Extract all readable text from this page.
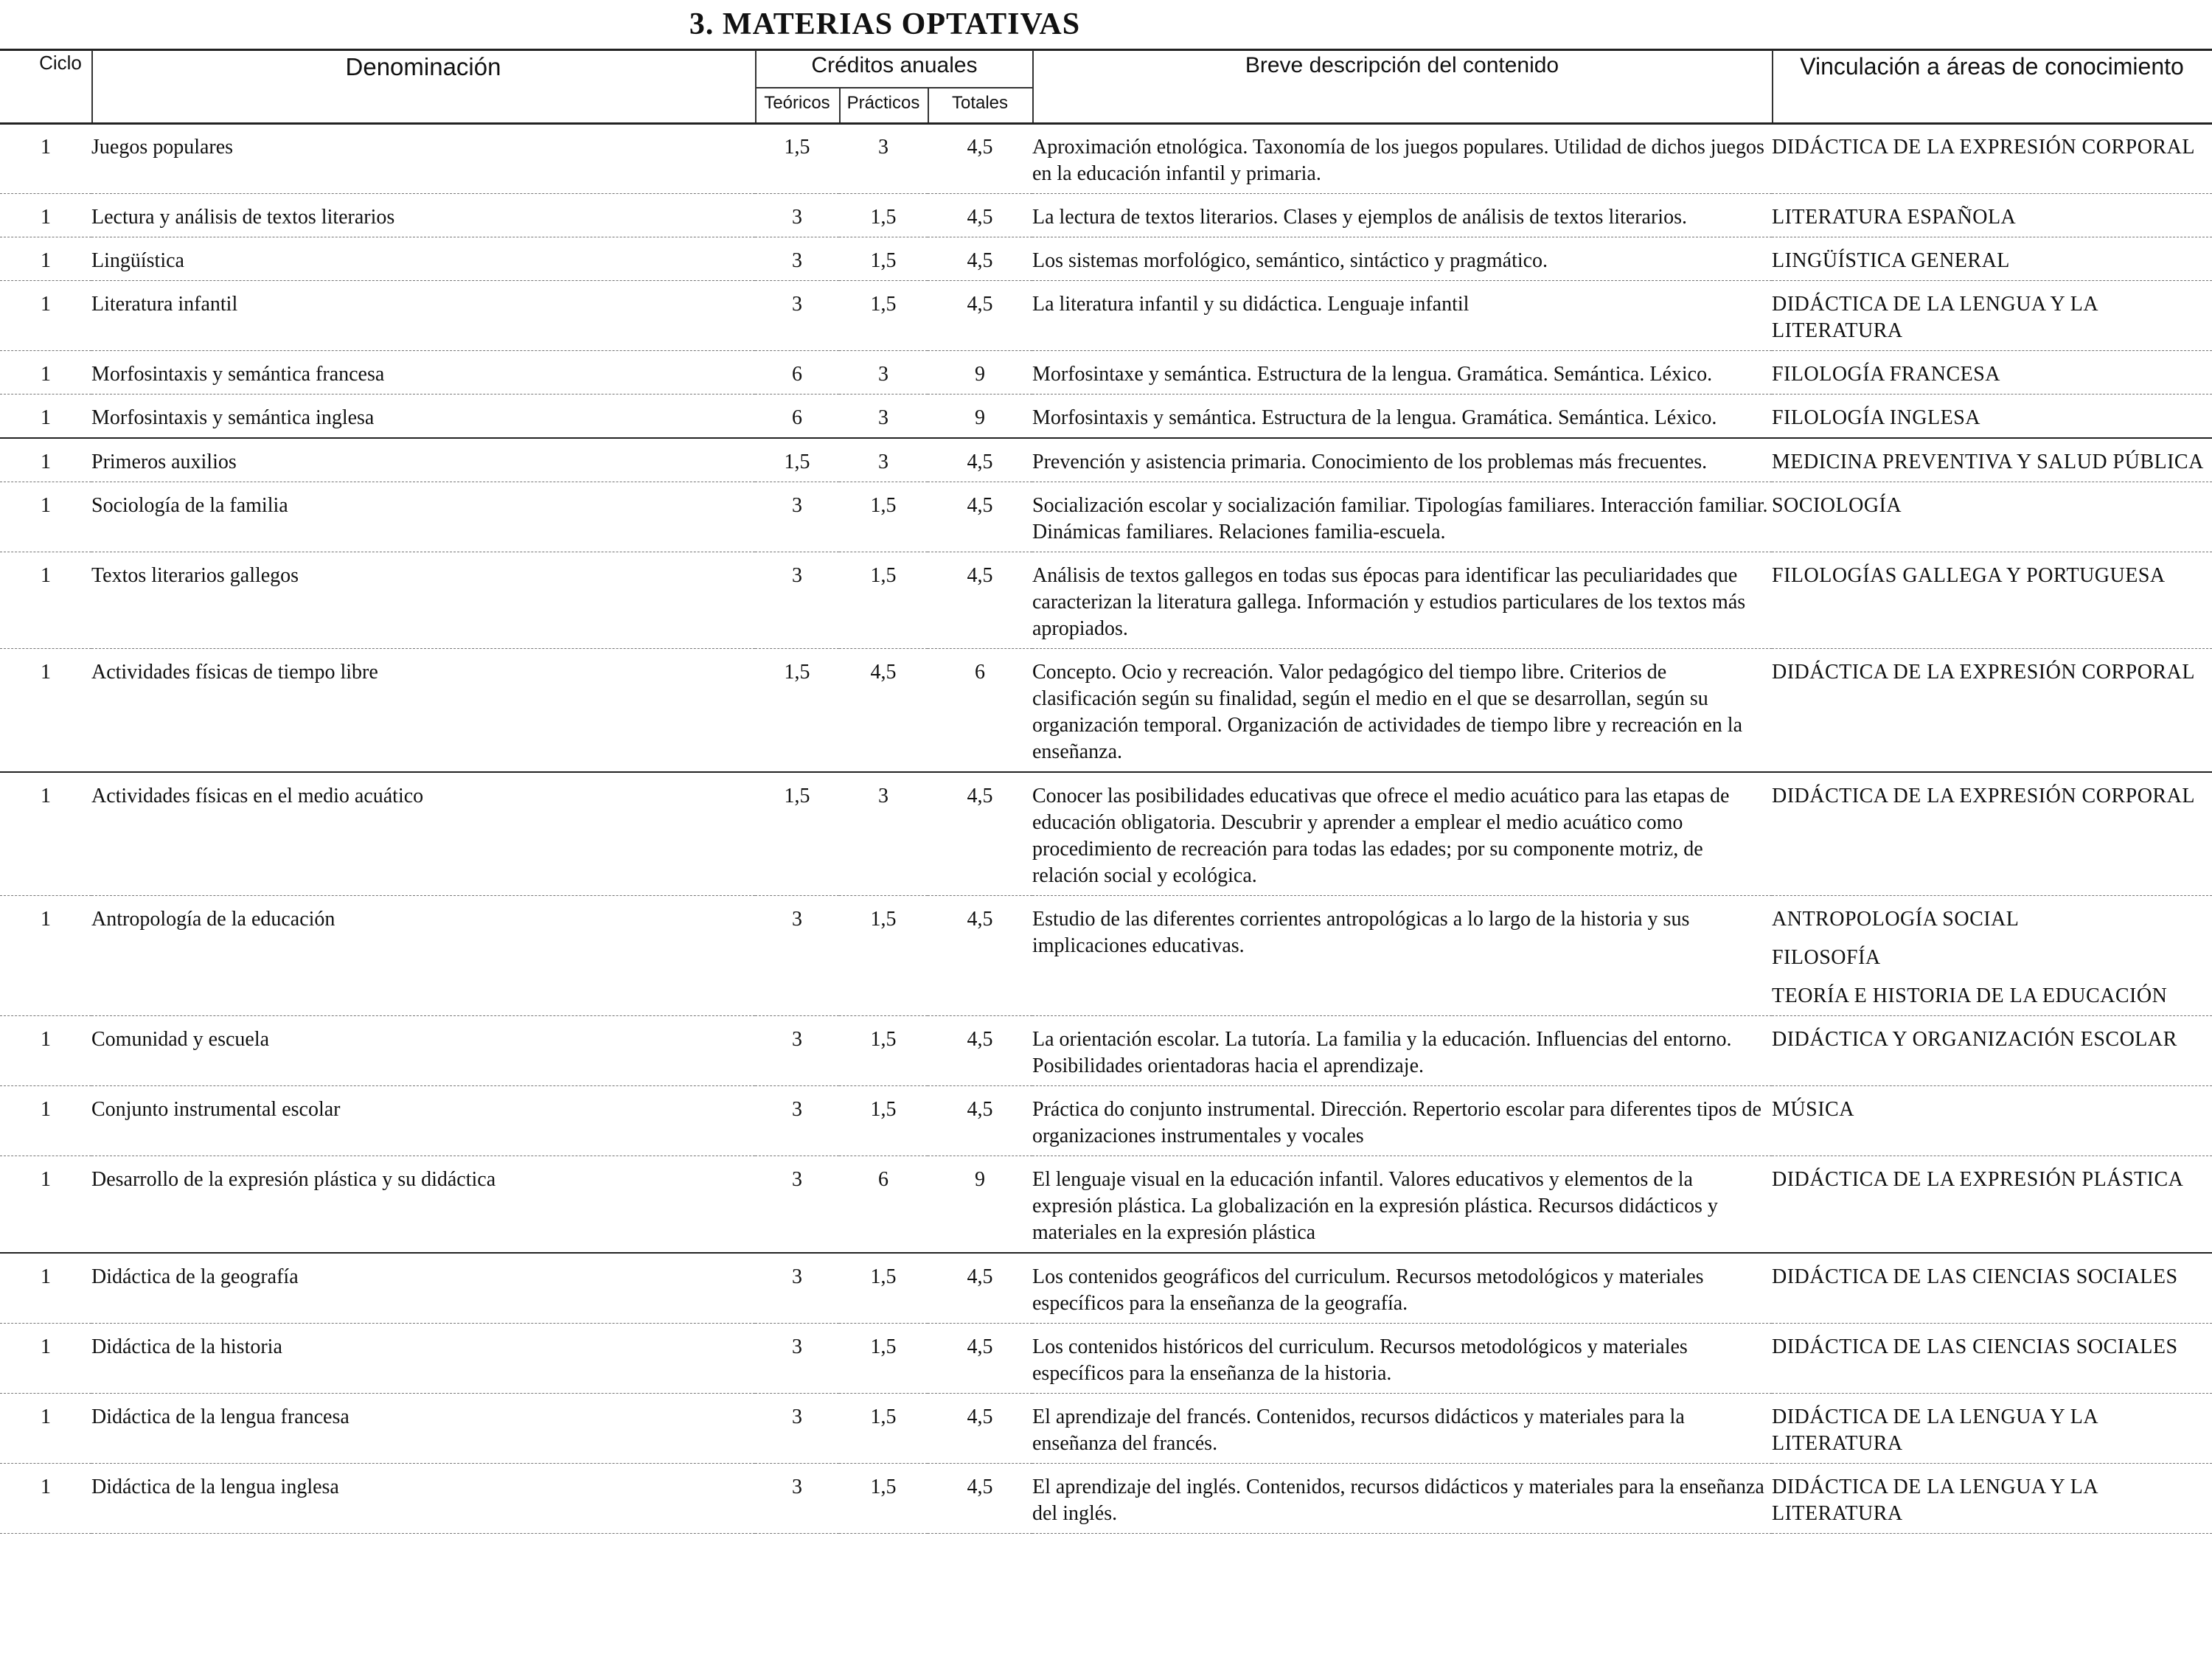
3. MATERIAS OPTATIVAS
Ciclo	Denominación	Créditos anuales
Teóricos Prácticos	Totales
Breve descripción del contenido	Vinculación a áreas de conocimiento
1	Juegos populares	1,5	3	4,5	Aproximación etnológica. Taxonomía de los juegos populares. Utilidad de dichos juegos en la educación infantil y primaria.	DIDÁCTICA DE LA EXPRESIÓN CORPORAL

1	Lectura y análisis de textos literarios	3	1,5	4,5	La lectura de textos literarios. Clases y ejemplos de análisis de textos literarios.	LITERATURA ESPAÑOLA

1	Lingüística	3	1,5	4,5	Los sistemas morfológico, semántico, sintáctico y pragmático.	LINGÜÍSTICA GENERAL

1	Literatura infantil	3	1,5	4,5	La literatura infantil y su didáctica. Lenguaje infantil	DIDÁCTICA DE LA LENGUA Y LA LITERATURA

1	Morfosintaxis y semántica francesa	6	3	9	Morfosintaxe y semántica. Estructura de la lengua. Gramática. Semántica. Léxico.	FILOLOGÍA FRANCESA

1	Morfosintaxis y semántica inglesa	6	3	9	Morfosintaxis y semántica. Estructura de la lengua. Gramática. Semántica. Léxico.	FILOLOGÍA INGLESA

1	Primeros auxilios	1,5	3	4,5	Prevención y asistencia primaria. Conocimiento de los problemas más frecuentes.	MEDICINA PREVENTIVA Y SALUD PÚBLICA

1	Sociología de la familia	3	1,5	4,5	Socialización escolar y socialización familiar. Tipologías familiares. Interacción familiar. Dinámicas familiares. Relaciones familia-escuela.	SOCIOLOGÍA

1	Textos literarios gallegos	3	1,5	4,5	Análisis de textos gallegos en todas sus épocas para identificar las peculiaridades que caracterizan la literatura gallega. Información y estudios particulares de los textos más apropiados.	FILOLOGÍAS GALLEGA Y PORTUGUESA

1	Actividades físicas de tiempo libre	1,5	4,5	6	Concepto. Ocio y recreación. Valor pedagógico del tiempo libre. Criterios de clasificación según su finalidad, según el medio en el que se desarrollan, según su organización temporal. Organización de actividades de tiempo libre y recreación en la enseñanza.	DIDÁCTICA DE LA EXPRESIÓN CORPORAL

1	Actividades físicas en el medio acuático	1,5	3	4,5	Conocer las posibilidades educativas que ofrece el medio acuático para las etapas de educación obligatoria. Descubrir y aprender a emplear el medio acuático como procedimiento de recreación para todas las edades; por su componente motriz, de relación social y ecológica.	DIDÁCTICA DE LA EXPRESIÓN CORPORAL

1	Antropología de la educación	3	1,5	4,5	Estudio de las diferentes corrientes antropológicas a lo largo de la historia y sus implicaciones educativas.	ANTROPOLOGÍA SOCIAL
FILOSOFÍA
TEORÍA E HISTORIA DE LA EDUCACIÓN

1	Comunidad y escuela	3	1,5	4,5	La orientación escolar. La tutoría. La familia y la educación. Influencias del entorno. Posibilidades orientadoras hacia el aprendizaje.	DIDÁCTICA Y ORGANIZACIÓN ESCOLAR

1	Conjunto instrumental escolar	3	1,5	4,5	Práctica do conjunto instrumental. Dirección. Repertorio escolar para diferentes tipos de organizaciones instrumentales y vocales	MÚSICA

1	Desarrollo de la expresión plástica y su didáctica	3	6	9	El lenguaje visual en la educación infantil. Valores educativos y elementos de la expresión plástica. La globalización en la expresión plástica. Recursos didácticos y materiales en la expresión plástica	DIDÁCTICA DE LA EXPRESIÓN PLÁSTICA

1	Didáctica de la geografía	3	1,5	4,5	Los contenidos geográficos del curriculum. Recursos metodológicos y materiales específicos para la enseñanza de la geografía.	DIDÁCTICA DE LAS CIENCIAS SOCIALES

1	Didáctica de la historia	3	1,5	4,5	Los contenidos históricos del curriculum. Recursos metodológicos y materiales específicos para la enseñanza de la historia.	DIDÁCTICA DE LAS CIENCIAS SOCIALES

1	Didáctica de la lengua francesa	3	1,5	4,5	El aprendizaje del francés. Contenidos, recursos didácticos y materiales para la enseñanza del francés.	DIDÁCTICA DE LA LENGUA Y LA LITERATURA

1	Didáctica de la lengua inglesa	3	1,5	4,5	El aprendizaje del inglés. Contenidos, recursos didácticos y materiales para la enseñanza del inglés.	DIDÁCTICA DE LA LENGUA Y LA LITERATURA
